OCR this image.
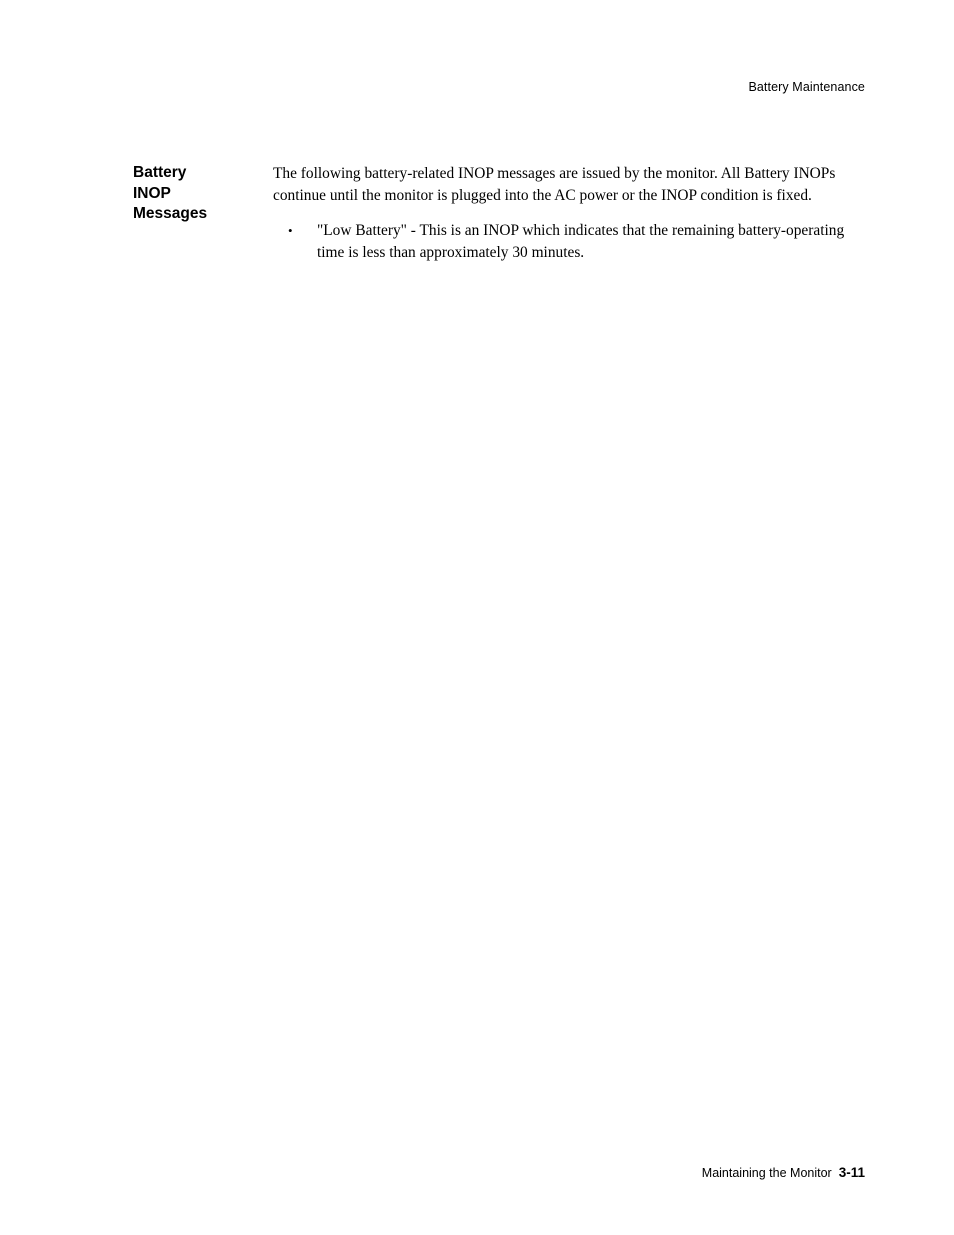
Battery Maintenance
Battery
INOP
Messages

The following battery-related INOP messages are issued by the monitor. All Battery INOPs continue until the monitor is plugged into the AC power or the INOP condition is fixed.

• "Low Battery" - This is an INOP which indicates that the remaining battery-operating time is less than approximately 30 minutes.
Maintaining the Monitor 3-11
